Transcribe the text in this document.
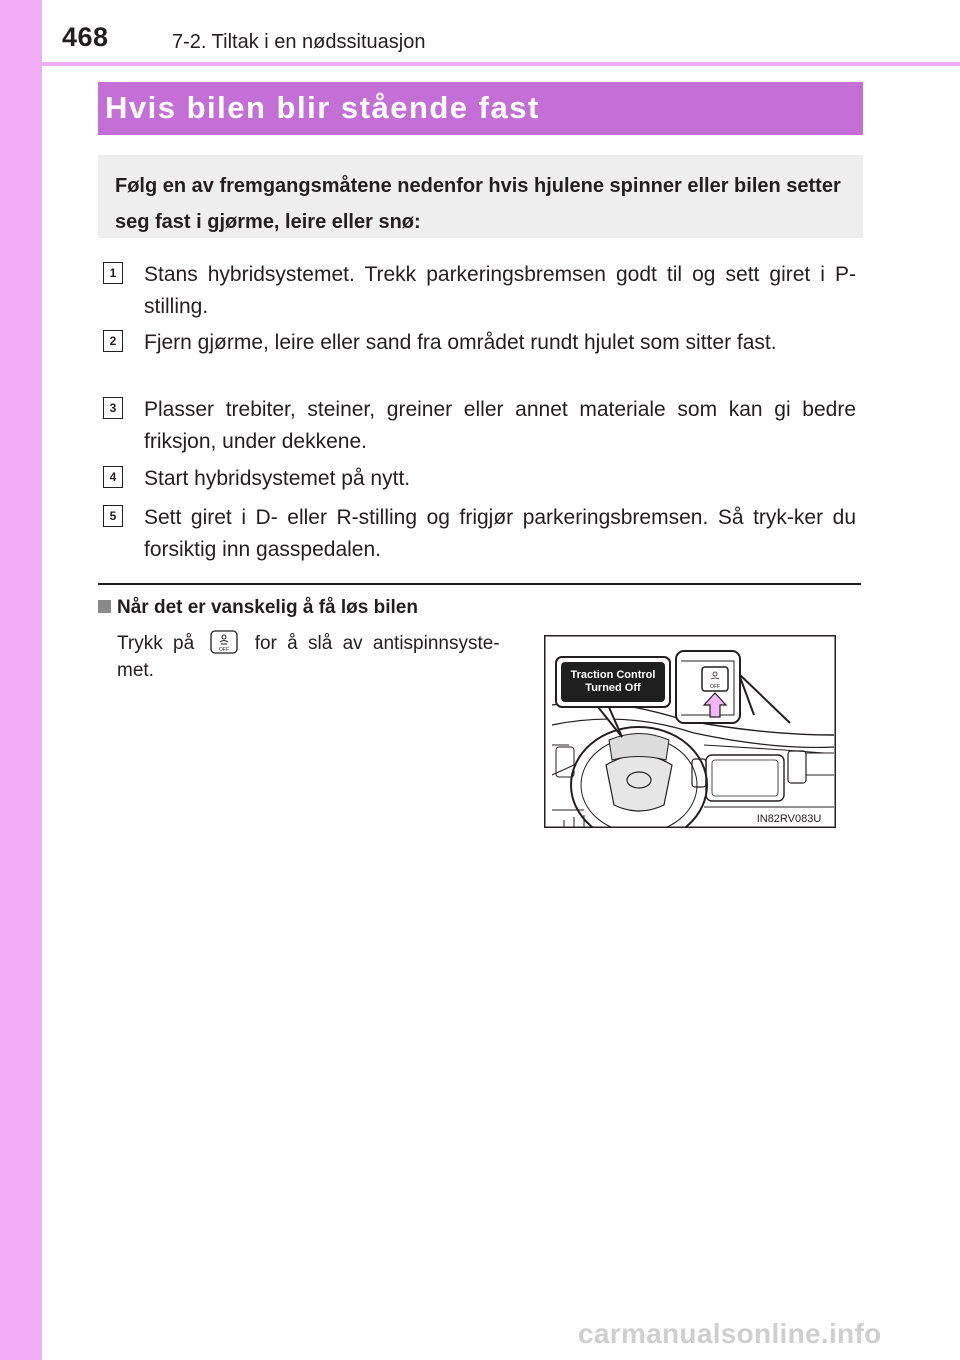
468	7-2. Tiltak i en nødssituasjon
Hvis bilen blir stående fast

Følg en av fremgangsmåtene nedenfor hvis hjulene spinner eller bilen setter seg fast i gjørme, leire eller snø:

1	Stans hybridsystemet. Trekk parkeringsbremsen godt til og sett giret i P-stilling.
2	Fjern gjørme, leire eller sand fra området rundt hjulet som sitter fast.
3	Plasser trebiter, steiner, greiner eller annet materiale som kan gi bedre friksjon, under dekkene.
4	Start hybridsystemet på nytt.
5	Sett giret i D- eller R-stilling og frigjør parkeringsbremsen. Så tryk-ker du forsiktig inn gasspedalen.
Når det er vanskelig å få løs bilen
Trykk på	OFF for å slå av antispinnsyste-met.	Traction Control
Turned Off	OFF
IN82RV083U
carmanualsonline.info
